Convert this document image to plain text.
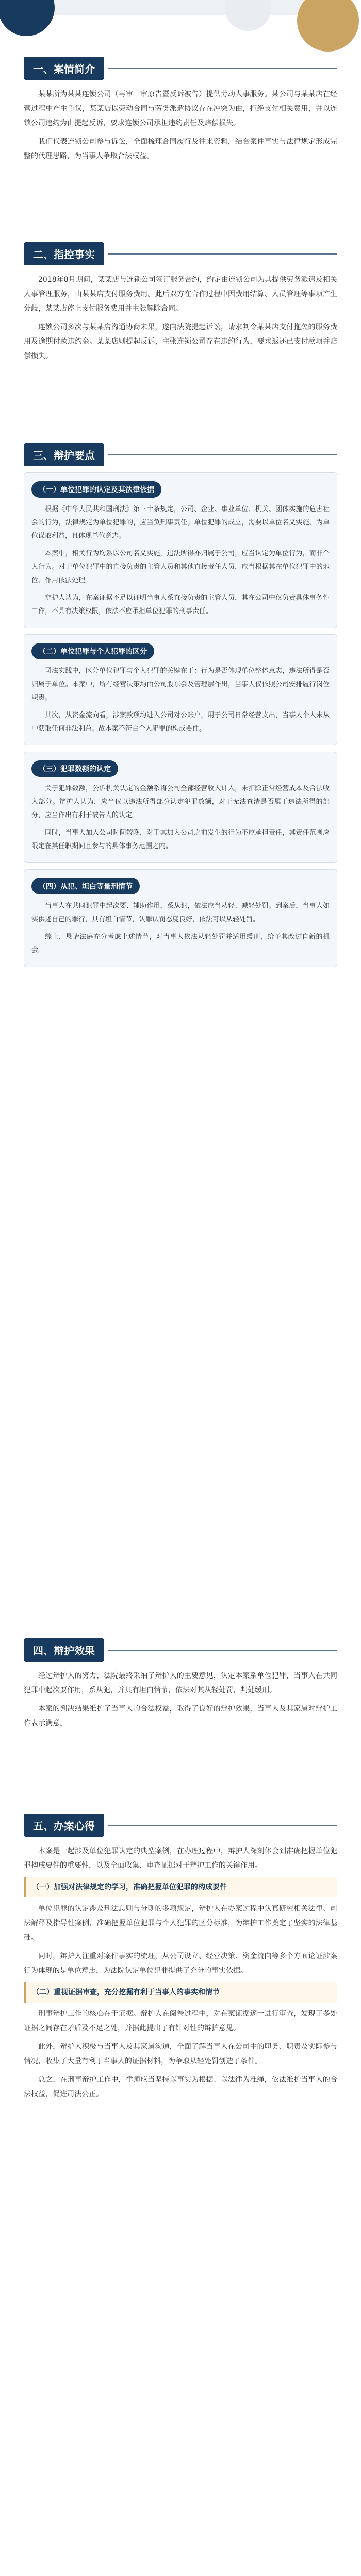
一、案情简介

某某所为某某连锁公司（再审一审原告暨反诉被告）提供劳动人事服务。某公司与某某店在经营过程中产生争议，某某店以劳动合同与劳务派遣协议存在冲突为由，拒绝支付相关费用，并以连锁公司违约为由提起反诉，要求连锁公司承担违约责任及赔偿损失。

我们代表连锁公司参与诉讼，全面梳理合同履行及往来资料，结合案件事实与法律规定形成完整的代理思路，为当事人争取合法权益。

二、指控事实

2018年8月期间，某某店与连锁公司签订服务合约，约定由连锁公司为其提供劳务派遣及相关人事管理服务，由某某店支付服务费用。此后双方在合作过程中因费用结算、人员管理等事项产生分歧，某某店停止支付服务费用并主张解除合同。

连锁公司多次与某某店沟通协商未果，遂向法院提起诉讼，请求判令某某店支付拖欠的服务费用及逾期付款违约金。某某店则提起反诉，主张连锁公司存在违约行为，要求返还已支付款项并赔偿损失。

三、辩护要点
（一）单位犯罪的认定及其法律依据

根据《中华人民共和国刑法》第三十条规定，公司、企业、事业单位、机关、团体实施的危害社会的行为，法律规定为单位犯罪的，应当负刑事责任。单位犯罪的成立，需要以单位名义实施、为单位谋取利益，且体现单位意志。

本案中，相关行为均系以公司名义实施，违法所得亦归属于公司，应当认定为单位行为，而非个人行为。对于单位犯罪中的直接负责的主管人员和其他直接责任人员，应当根据其在单位犯罪中的地位、作用依法处理。

辩护人认为，在案证据不足以证明当事人系直接负责的主管人员，其在公司中仅负责具体事务性工作，不具有决策权限，依法不应承担单位犯罪的刑事责任。

（二）单位犯罪与个人犯罪的区分

司法实践中，区分单位犯罪与个人犯罪的关键在于：行为是否体现单位整体意志，违法所得是否归属于单位。本案中，所有经营决策均由公司股东会及管理层作出，当事人仅依照公司安排履行岗位职责。

其次，从资金流向看，涉案款项均进入公司对公账户，用于公司日常经营支出，当事人个人未从中获取任何非法利益。故本案不符合个人犯罪的构成要件。

（三）犯罪数额的认定

关于犯罪数额，公诉机关认定的金额系将公司全部经营收入计入，未扣除正常经营成本及合法收入部分。辩护人认为，应当仅以违法所得部分认定犯罪数额，对于无法查清是否属于违法所得的部分，应当作出有利于被告人的认定。

同时，当事人加入公司时间较晚，对于其加入公司之前发生的行为不应承担责任，其责任范围应限定在其任职期间且参与的具体事务范围之内。

（四）从犯、坦白等量刑情节

当事人在共同犯罪中起次要、辅助作用，系从犯，依法应当从轻、减轻处罚。到案后，当事人如实供述自己的罪行，具有坦白情节，认罪认罚态度良好，依法可以从轻处罚。

综上，恳请法庭充分考虑上述情节，对当事人依法从轻处罚并适用缓刑，给予其改过自新的机会。

四、辩护效果

经过辩护人的努力，法院最终采纳了辩护人的主要意见，认定本案系单位犯罪，当事人在共同犯罪中起次要作用，系从犯，并具有坦白情节，依法对其从轻处罚，判处缓刑。

本案的判决结果维护了当事人的合法权益，取得了良好的辩护效果，当事人及其家属对辩护工作表示满意。

五、办案心得

本案是一起涉及单位犯罪认定的典型案例，在办理过程中，辩护人深刻体会到准确把握单位犯罪构成要件的重要性，以及全面收集、审查证据对于辩护工作的关键作用。

（一）加强对法律规定的学习，准确把握单位犯罪的构成要件

单位犯罪的认定涉及刑法总则与分则的多项规定，辩护人在办案过程中认真研究相关法律、司法解释及指导性案例，准确把握单位犯罪与个人犯罪的区分标准，为辩护工作奠定了坚实的法律基础。

同时，辩护人注重对案件事实的梳理，从公司设立、经营决策、资金流向等多个方面论证涉案行为体现的是单位意志，为法院认定单位犯罪提供了充分的事实依据。

（二）重视证据审查，充分挖掘有利于当事人的事实和情节

刑事辩护工作的核心在于证据。辩护人在阅卷过程中，对在案证据逐一进行审查，发现了多处证据之间存在矛盾及不足之处，并据此提出了有针对性的辩护意见。

此外，辩护人积极与当事人及其家属沟通，全面了解当事人在公司中的职务、职责及实际参与情况，收集了大量有利于当事人的证据材料，为争取从轻处罚创造了条件。

总之，在刑事辩护工作中，律师应当坚持以事实为根据、以法律为准绳，依法维护当事人的合法权益，促进司法公正。
